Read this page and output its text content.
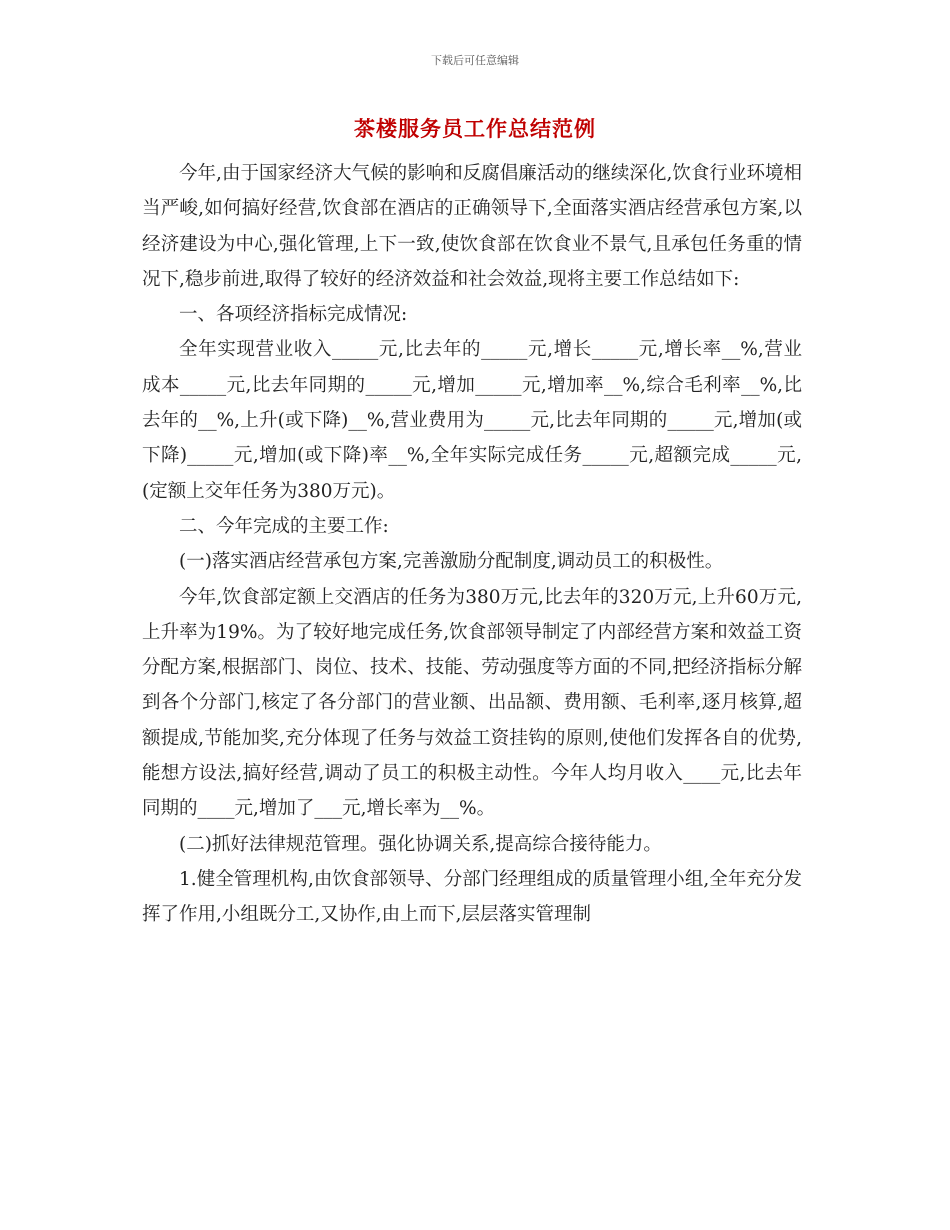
下载后可任意编辑
茶楼服务员工作总结范例

今年,由于国家经济大气候的影响和反腐倡廉活动的继续深化,饮食行业环境相当严峻,如何搞好经营,饮食部在酒店的正确领导下,全面落实酒店经营承包方案,以经济建设为中心,强化管理,上下一致,使饮食部在饮食业不景气,且承包任务重的情况下,稳步前进,取得了较好的经济效益和社会效益,现将主要工作总结如下:

一、各项经济指标完成情况:

全年实现营业收入_____元,比去年的_____元,增长_____元,增长率__%,营业成本_____元,比去年同期的_____元,增加_____元,增加率__%,综合毛利率__%,比去年的__%,上升(或下降)__%,营业费用为_____元,比去年同期的_____元,增加(或下降)_____元,增加(或下降)率__%,全年实际完成任务_____元,超额完成_____元,(定额上交年任务为380万元)。

二、今年完成的主要工作:

(一)落实酒店经营承包方案,完善激励分配制度,调动员工的积极性。

今年,饮食部定额上交酒店的任务为380万元,比去年的320万元,上升60万元,上升率为19%。为了较好地完成任务,饮食部领导制定了内部经营方案和效益工资分配方案,根据部门、岗位、技术、技能、劳动强度等方面的不同,把经济指标分解到各个分部门,核定了各分部门的营业额、出品额、费用额、毛利率,逐月核算,超额提成,节能加奖,充分体现了任务与效益工资挂钩的原则,使他们发挥各自的优势,能想方设法,搞好经营,调动了员工的积极主动性。今年人均月收入____元,比去年同期的____元,增加了___元,增长率为__%。

(二)抓好法律规范管理。强化协调关系,提高综合接待能力。

1.健全管理机构,由饮食部领导、分部门经理组成的质量管理小组,全年充分发挥了作用,小组既分工,又协作,由上而下,层层落实管理制
